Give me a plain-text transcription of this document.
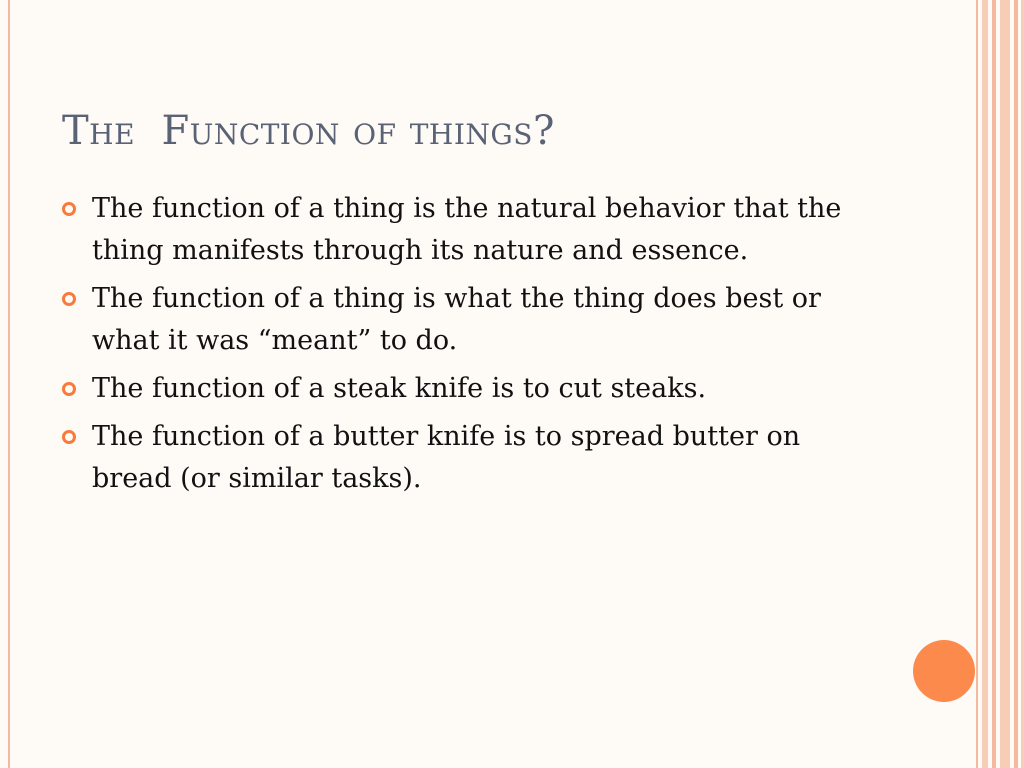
The  Function of things?
The function of a thing is the natural behavior that the thing manifests through its nature and essence.
The function of a thing is what the thing does best or what it was “meant” to do.
The function of a steak knife is to cut steaks.
The function of a butter knife is to spread butter on bread (or similar tasks).
